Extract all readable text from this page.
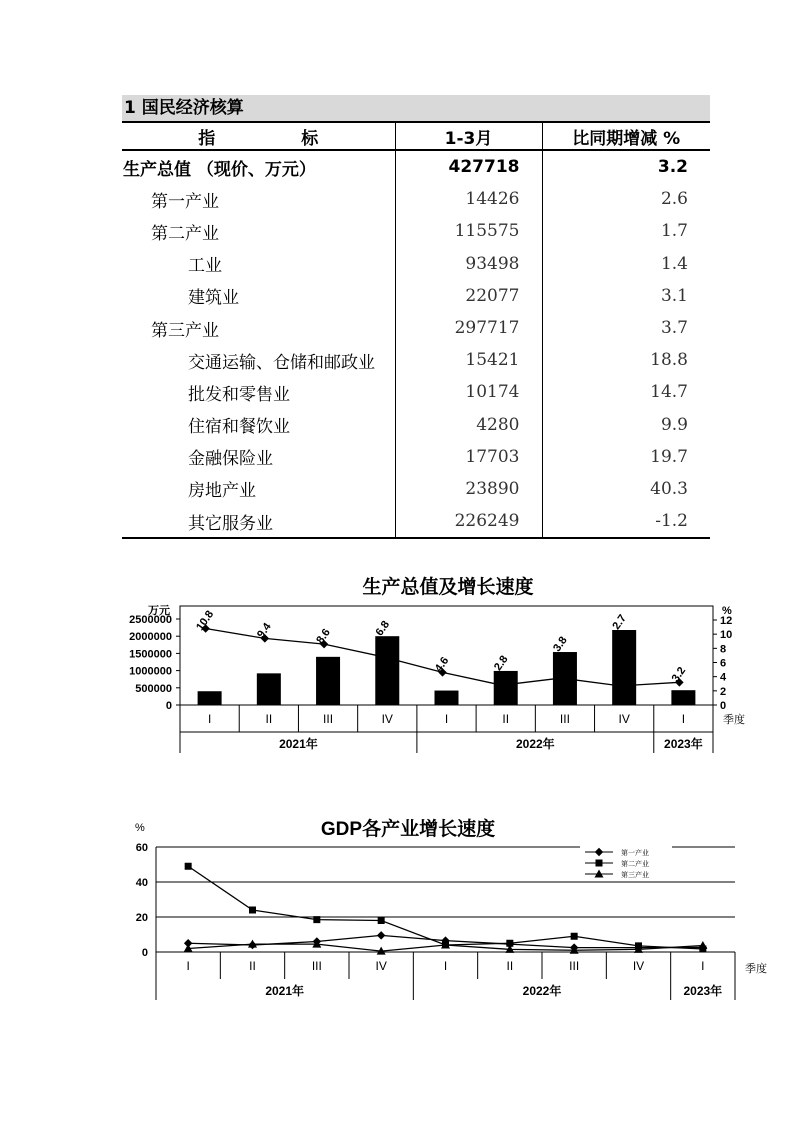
1 国民经济核算
指 标	1-3月	比同期增减 %
生产总值 （现价、万元）	427718	3.2
第一产业	14426	2.6
第二产业	115575	1.7
工业	93498	1.4
建筑业	22077	3.1
第三产业	297717	3.7
交通运输、仓储和邮政业	15421	18.8
批发和零售业	10174	14.7
住宿和餐饮业	4280	9.9
金融保险业	17703	19.7
房地产业	23890	40.3
其它服务业	226249	-1.2
生产总值及增长速度
万元	%
0
500000
1000000
1500000
2000000
2500000
0
2
4
6
8
10
12
10.8	9.4	8.6	6.8
4.6	2.8
3.8
2.7
3.2
I	II	III	IV	I	II	III	IV	I	季度
2021年	2022年	2023年
GDP各产业增长速度
%
0
20
40
60	第一产业
第二产业
第三产业
I	II	III	IV	I	II	III	IV	I	季度
2021年	2022年	2023年
